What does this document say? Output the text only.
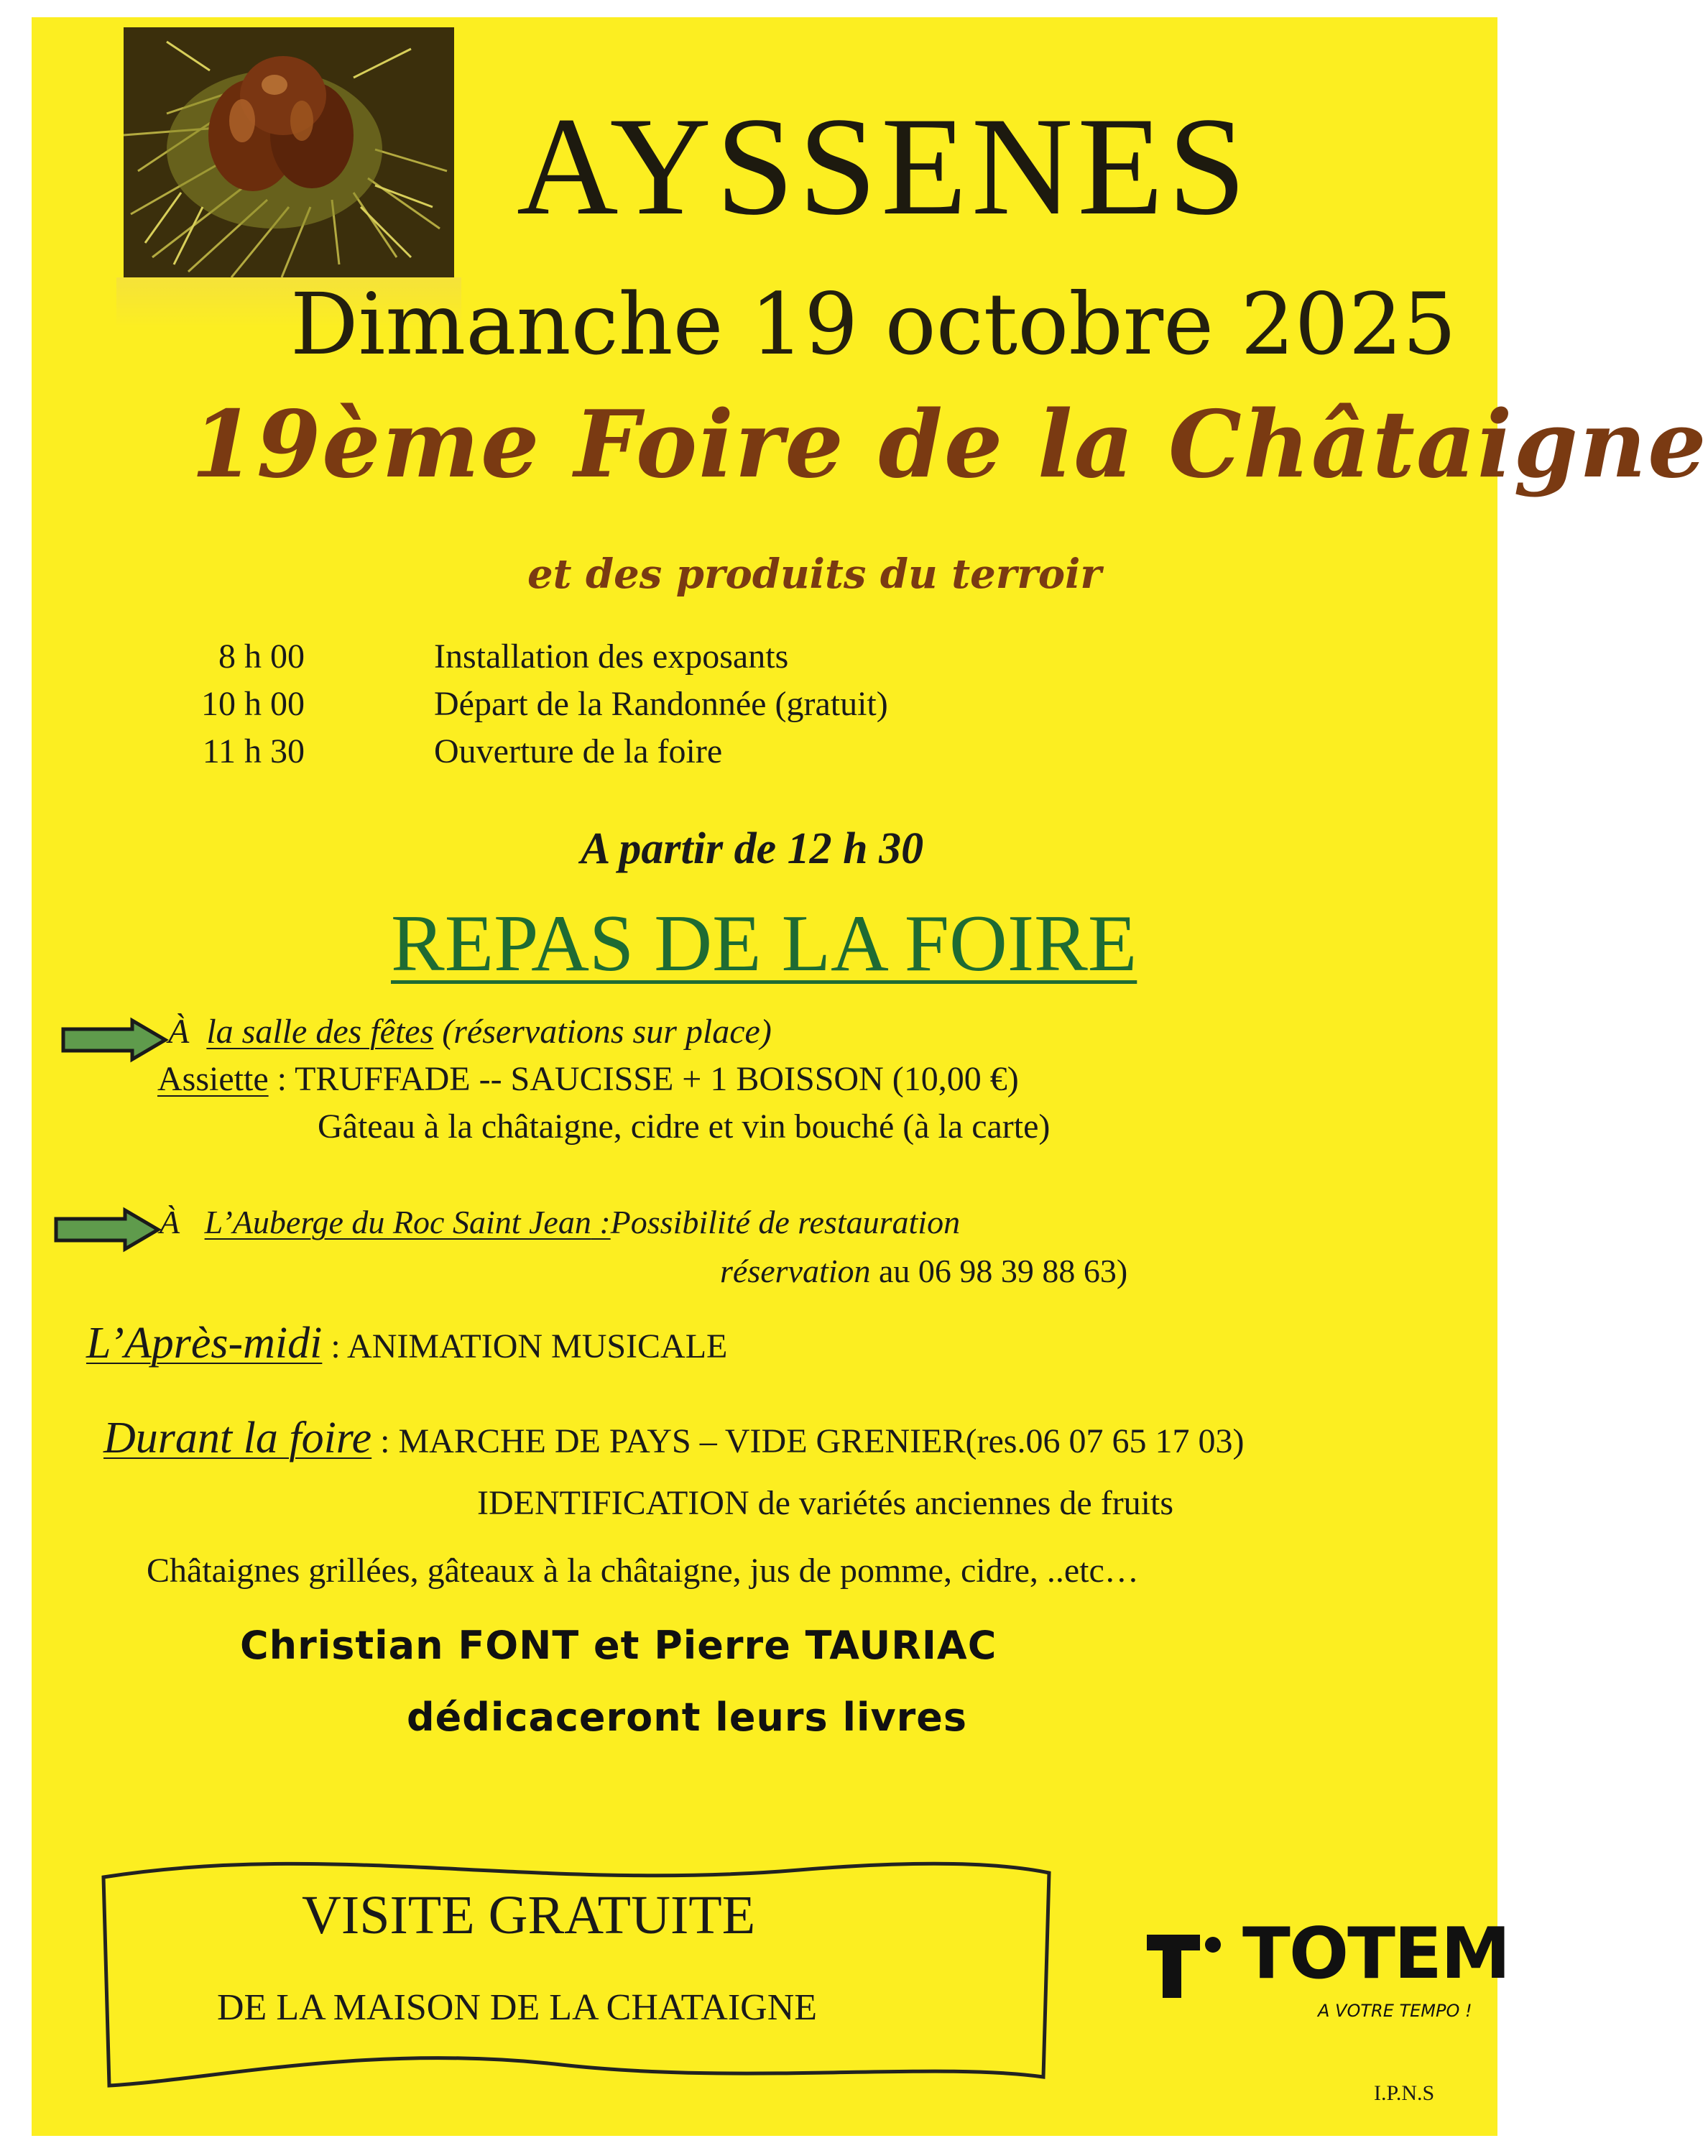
AYSSENES
Dimanche 19 octobre 2025
19ème Foire de la Châtaigne
et des produits du terroir
8 h 00	Installation des exposants
10 h 00	Départ de la Randonnée (gratuit)
11 h 30	Ouverture de la foire
A partir de 12 h 30
REPAS DE LA FOIRE
À la salle des fêtes (réservations sur place)
Assiette : TRUFFADE -- SAUCISSE + 1 BOISSON (10,00 €)
Gâteau à la châtaigne, cidre et vin bouché (à la carte)
À L’Auberge du Roc Saint Jean :Possibilité de restauration
réservation au 06 98 39 88 63)
L’Après-midi : ANIMATION MUSICALE
Durant la foire : MARCHE DE PAYS – VIDE GRENIER(res.06 07 65 17 03)
IDENTIFICATION de variétés anciennes de fruits
Châtaignes grillées, gâteaux à la châtaigne, jus de pomme, cidre, ..etc…
Christian FONT et Pierre TAURIAC
dédicaceront leurs livres
VISITE GRATUITE
DE LA MAISON DE LA CHATAIGNE
TOTEM
A VOTRE TEMPO !
I.P.N.S
